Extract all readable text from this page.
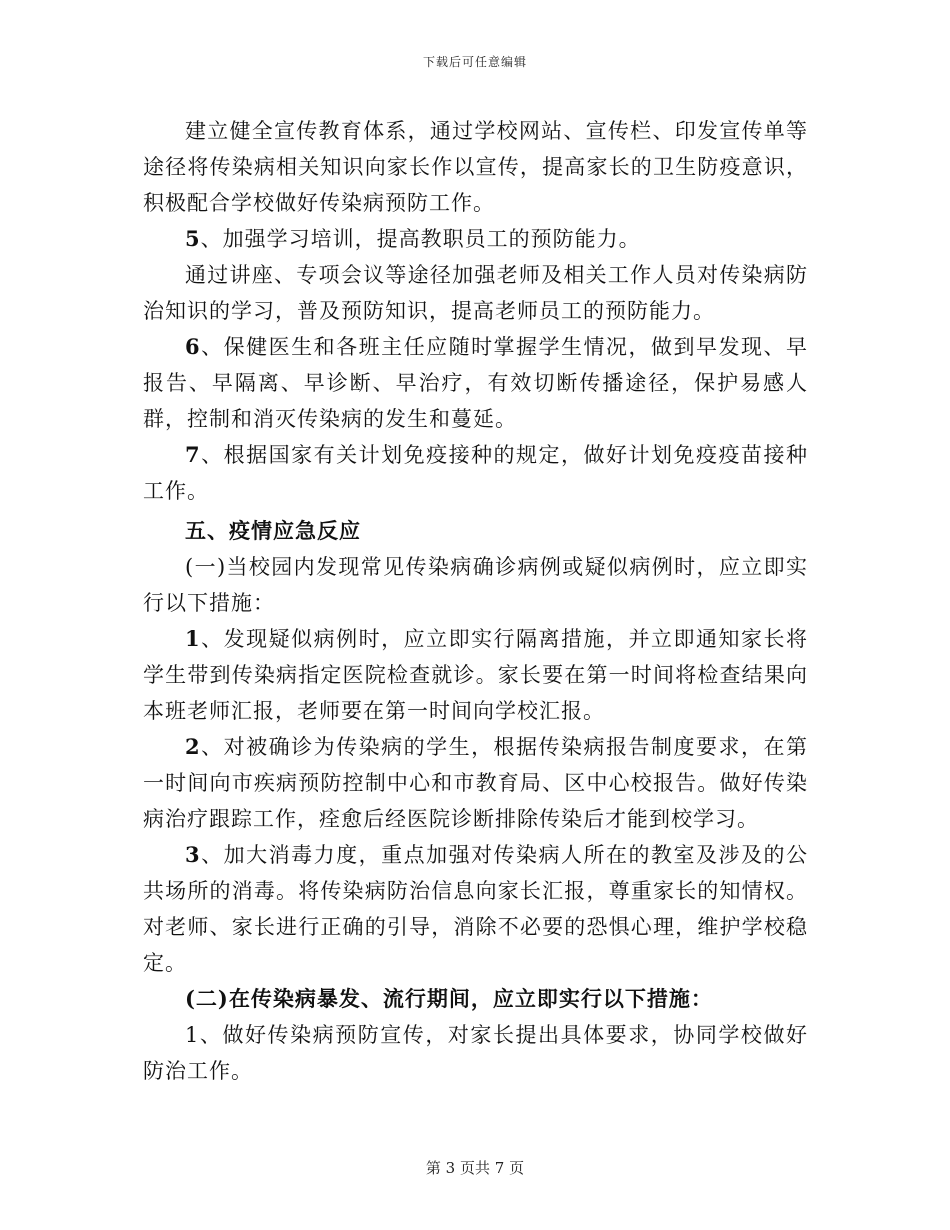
下载后可任意编辑

建立健全宣传教育体系，通过学校网站、宣传栏、印发宣传单等途径将传染病相关知识向家长作以宣传，提高家长的卫生防疫意识，积极配合学校做好传染病预防工作。

5、加强学习培训，提高教职员工的预防能力。

通过讲座、专项会议等途径加强老师及相关工作人员对传染病防治知识的学习，普及预防知识，提高老师员工的预防能力。

6、保健医生和各班主任应随时掌握学生情况，做到早发现、早报告、早隔离、早诊断、早治疗，有效切断传播途径，保护易感人群，控制和消灭传染病的发生和蔓延。

7、根据国家有关计划免疫接种的规定，做好计划免疫疫苗接种工作。

五、疫情应急反应

(一)当校园内发现常见传染病确诊病例或疑似病例时，应立即实行以下措施：

1、发现疑似病例时，应立即实行隔离措施，并立即通知家长将学生带到传染病指定医院检查就诊。家长要在第一时间将检查结果向本班老师汇报，老师要在第一时间向学校汇报。

2、对被确诊为传染病的学生，根据传染病报告制度要求，在第一时间向市疾病预防控制中心和市教育局、区中心校报告。做好传染病治疗跟踪工作，痊愈后经医院诊断排除传染后才能到校学习。

3、加大消毒力度，重点加强对传染病人所在的教室及涉及的公共场所的消毒。将传染病防治信息向家长汇报，尊重家长的知情权。对老师、家长进行正确的引导，消除不必要的恐惧心理，维护学校稳定。

(二)在传染病暴发、流行期间，应立即实行以下措施：

1、做好传染病预防宣传，对家长提出具体要求，协同学校做好防治工作。

第 3 页共 7 页
